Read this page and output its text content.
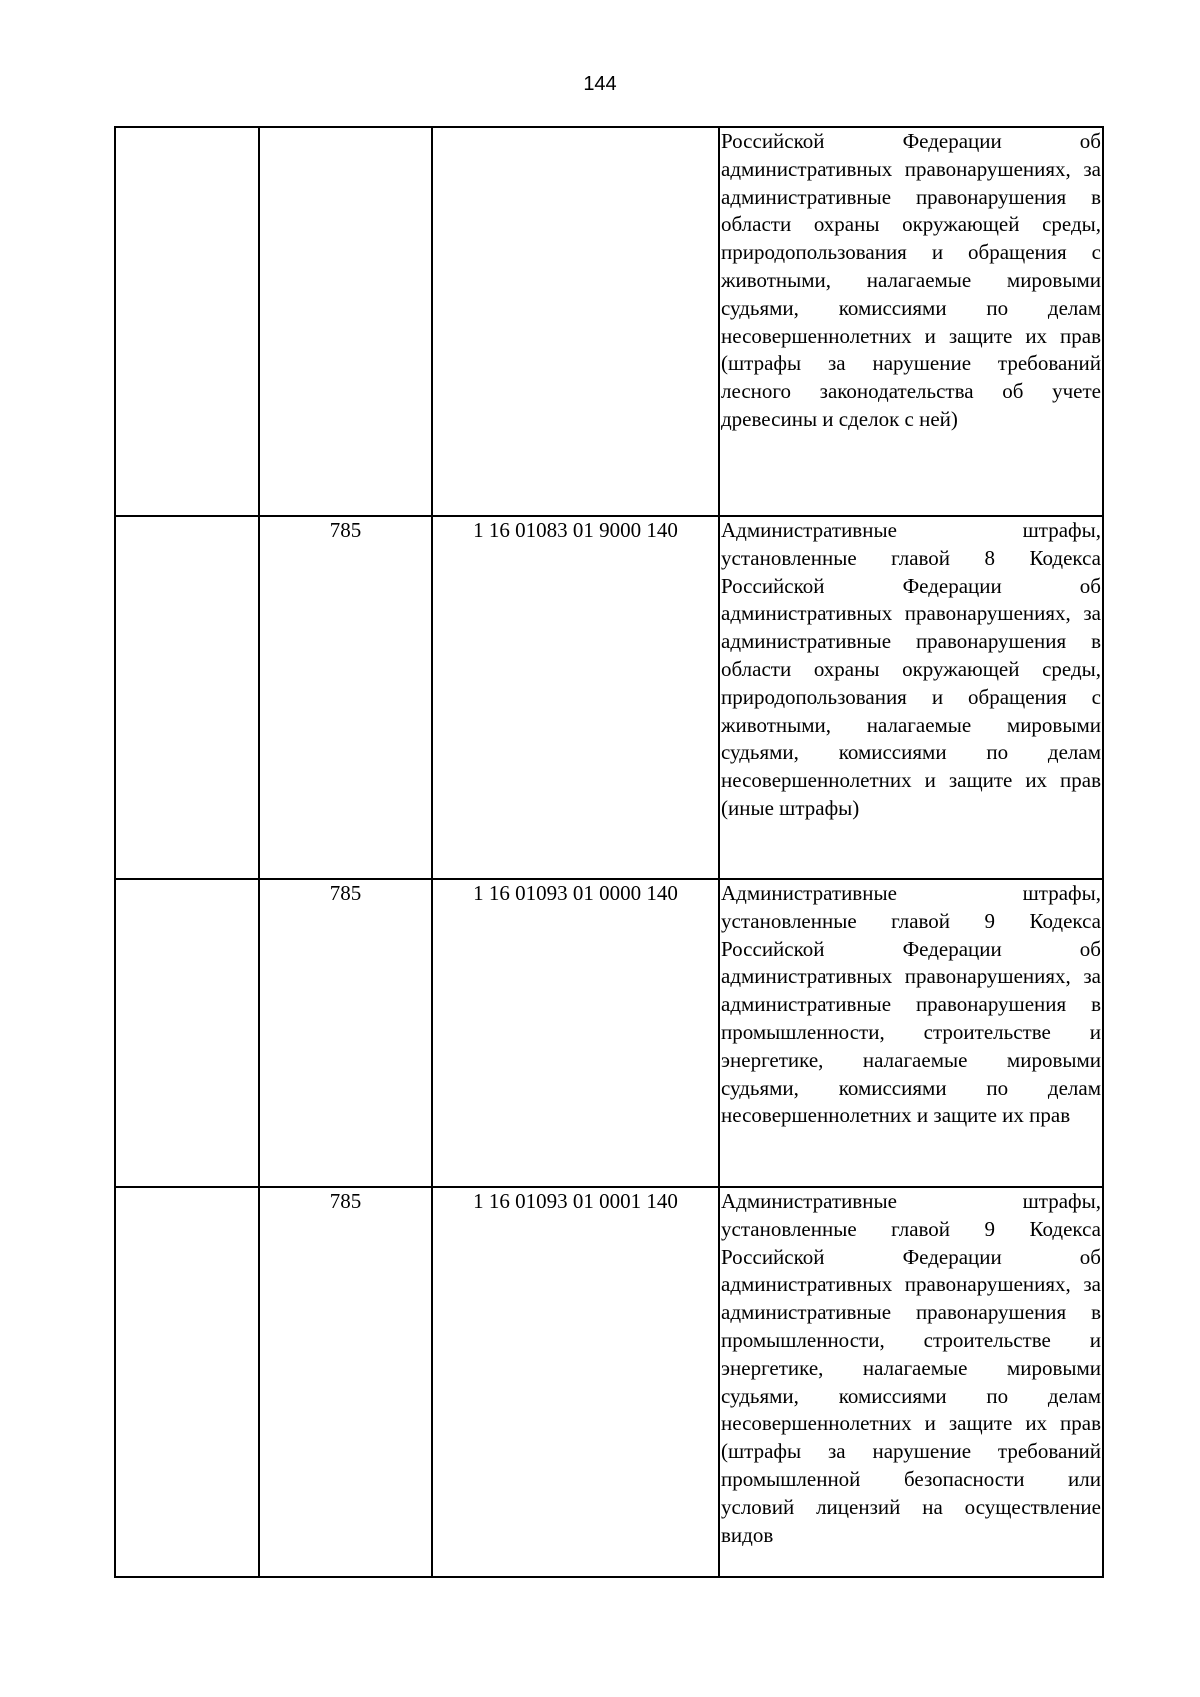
144
			Российской Федерации об административных правонарушениях, за административные правонарушения в области охраны окружающей среды, природопользования и обращения с животными, налагаемые мировыми судьями, комиссиями по делам несовершеннолетних и защите их прав (штрафы за нарушение требований лесного законодательства об учете древесины и сделок с ней)
	785	1 16 01083 01 9000 140	Административные штрафы, установленные главой 8 Кодекса Российской Федерации об административных правонарушениях, за административные правонарушения в области охраны окружающей среды, природопользования и обращения с животными, налагаемые мировыми судьями, комиссиями по делам несовершеннолетних и защите их прав (иные штрафы)
	785	1 16 01093 01 0000 140	Административные штрафы, установленные главой 9 Кодекса Российской Федерации об административных правонарушениях, за административные правонарушения в промышленности, строительстве и энергетике, налагаемые мировыми судьями, комиссиями по делам несовершеннолетних и защите их прав
	785	1 16 01093 01 0001 140	Административные штрафы, установленные главой 9 Кодекса Российской Федерации об административных правонарушениях, за административные правонарушения в промышленности, строительстве и энергетике, налагаемые мировыми судьями, комиссиями по делам несовершеннолетних и защите их прав (штрафы за нарушение требований промышленной безопасности или условий лицензий на осуществление видов
